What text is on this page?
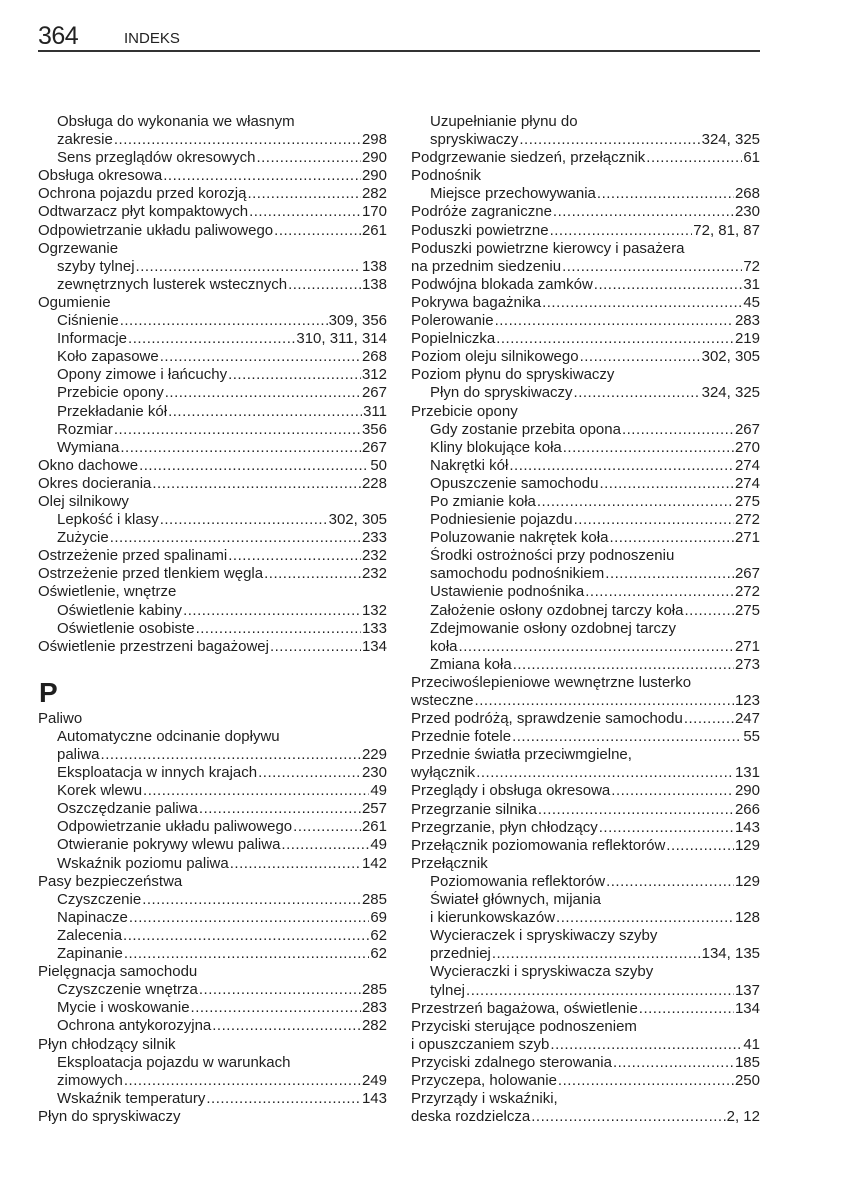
364	INDEKS
Obsługa do wykonania we własnym
zakresie .....	298
Sens przeglądów okresowych .....	290
Obsługa okresowa .....	290
Ochrona pojazdu przed korozją .....	282
Odtwarzacz płyt kompaktowych .....	170
Odpowietrzanie układu paliwowego .....	261
Ogrzewanie
szyby tylnej .....	138
zewnętrznych lusterek wstecznych .....	138
Ogumienie
Ciśnienie .....	309, 356
Informacje .....	310, 311, 314
Koło zapasowe .....	268
Opony zimowe i łańcuchy .....	312
Przebicie opony .....	267
Przekładanie kół .....	311
Rozmiar .....	356
Wymiana .....	267
Okno dachowe .....	50
Okres docierania .....	228
Olej silnikowy
Lepkość i klasy .....	302, 305
Zużycie .....	233
Ostrzeżenie przed spalinami .....	232
Ostrzeżenie przed tlenkiem węgla .....	232
Oświetlenie, wnętrze
Oświetlenie kabiny .....	132
Oświetlenie osobiste .....	133
Oświetlenie przestrzeni bagażowej .....	134
P
Paliwo
Automatyczne odcinanie dopływu
paliwa .....	229
Eksploatacja w innych krajach .....	230
Korek wlewu .....	49
Oszczędzanie paliwa .....	257
Odpowietrzanie układu paliwowego .....	261
Otwieranie pokrywy wlewu paliwa .....	49
Wskaźnik poziomu paliwa .....	142
Pasy bezpieczeństwa
Czyszczenie .....	285
Napinacze .....	69
Zalecenia .....	62
Zapinanie .....	62
Pielęgnacja samochodu
Czyszczenie wnętrza .....	285
Mycie i woskowanie .....	283
Ochrona antykorozyjna .....	282
Płyn chłodzący silnik
Eksploatacja pojazdu w warunkach
zimowych .....	249
Wskaźnik temperatury .....	143
Płyn do spryskiwaczy
Uzupełnianie płynu do
spryskiwaczy .....	324, 325
Podgrzewanie siedzeń, przełącznik .....	61
Podnośnik
Miejsce przechowywania .....	268
Podróże zagraniczne .....	230
Poduszki powietrzne .....	72, 81, 87
Poduszki powietrzne kierowcy i pasażera
na przednim siedzeniu .....	72
Podwójna blokada zamków .....	31
Pokrywa bagażnika .....	45
Polerowanie .....	283
Popielniczka .....	219
Poziom oleju silnikowego .....	302, 305
Poziom płynu do spryskiwaczy
Płyn do spryskiwaczy .....	324, 325
Przebicie opony
Gdy zostanie przebita opona .....	267
Kliny blokujące koła .....	270
Nakrętki kół .....	274
Opuszczenie samochodu .....	274
Po zmianie koła .....	275
Podniesienie pojazdu .....	272
Poluzowanie nakrętek koła .....	271
Środki ostrożności przy podnoszeniu
samochodu podnośnikiem .....	267
Ustawienie podnośnika .....	272
Założenie osłony ozdobnej tarczy koła .....	275
Zdejmowanie osłony ozdobnej tarczy
koła .....	271
Zmiana koła .....	273
Przeciwoślepieniowe wewnętrzne lusterko
wsteczne .....	123
Przed podróżą, sprawdzenie samochodu .....	247
Przednie fotele .....	55
Przednie światła przeciwmgielne,
wyłącznik .....	131
Przeglądy i obsługa okresowa .....	290
Przegrzanie silnika .....	266
Przegrzanie, płyn chłodzący .....	143
Przełącznik poziomowania reflektorów .....	129
Przełącznik
Poziomowania reflektorów .....	129
Świateł głównych, mijania
i kierunkowskazów .....	128
Wycieraczek i spryskiwaczy szyby
przedniej .....	134, 135
Wycieraczki i spryskiwacza szyby
tylnej .....	137
Przestrzeń bagażowa, oświetlenie .....	134
Przyciski sterujące podnoszeniem
i opuszczaniem szyb .....	41
Przyciski zdalnego sterowania .....	185
Przyczepa, holowanie .....	250
Przyrządy i wskaźniki,
deska rozdzielcza .....	2, 12
